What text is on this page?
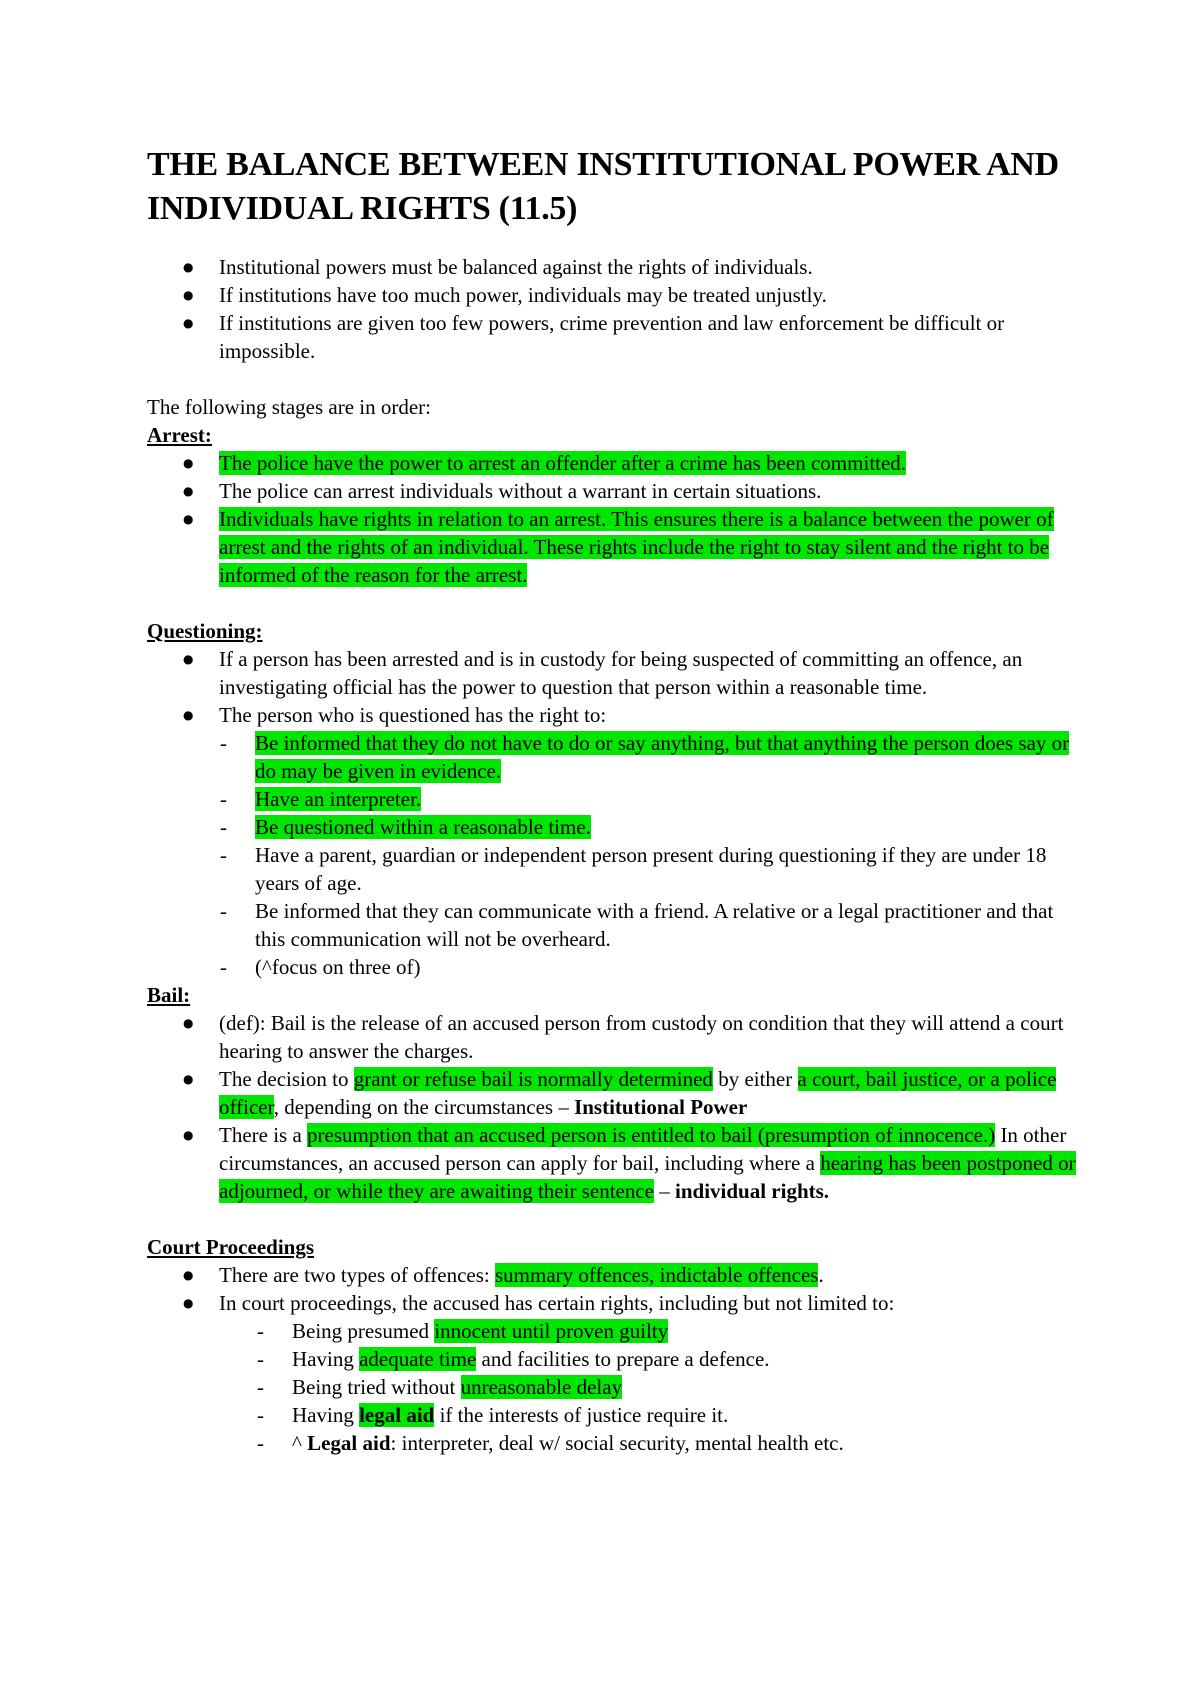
THE BALANCE BETWEEN INSTITUTIONAL POWER AND INDIVIDUAL RIGHTS (11.5)
● Institutional powers must be balanced against the rights of individuals.
● If institutions have too much power, individuals may be treated unjustly.
● If institutions are given too few powers, crime prevention and law enforcement be difficult or impossible.

The following stages are in order:

Arrest:

● The police have the power to arrest an offender after a crime has been committed.
● The police can arrest individuals without a warrant in certain situations.
● Individuals have rights in relation to an arrest. This ensures there is a balance between the power of arrest and the rights of an individual. These rights include the right to stay silent and the right to be informed of the reason for the arrest.

Questioning:

● If a person has been arrested and is in custody for being suspected of committing an offence, an investigating official has the power to question that person within a reasonable time.
● The person who is questioned has the right to:
- Be informed that they do not have to do or say anything, but that anything the person does say or do may be given in evidence.
- Have an interpreter.
- Be questioned within a reasonable time.
- Have a parent, guardian or independent person present during questioning if they are under 18 years of age.
- Be informed that they can communicate with a friend. A relative or a legal practitioner and that this communication will not be overheard.
- (^focus on three of)

Bail:

● (def): Bail is the release of an accused person from custody on condition that they will attend a court hearing to answer the charges.
● The decision to grant or refuse bail is normally determined by either a court, bail justice, or a police officer, depending on the circumstances – Institutional Power
● There is a presumption that an accused person is entitled to bail (presumption of innocence.) In other circumstances, an accused person can apply for bail, including where a hearing has been postponed or adjourned, or while they are awaiting their sentence – individual rights.

Court Proceedings

● There are two types of offences: summary offences, indictable offences.
● In court proceedings, the accused has certain rights, including but not limited to:
- Being presumed innocent until proven guilty
- Having adequate time and facilities to prepare a defence.
- Being tried without unreasonable delay
- Having legal aid if the interests of justice require it.
- ^ Legal aid: interpreter, deal w/ social security, mental health etc.
